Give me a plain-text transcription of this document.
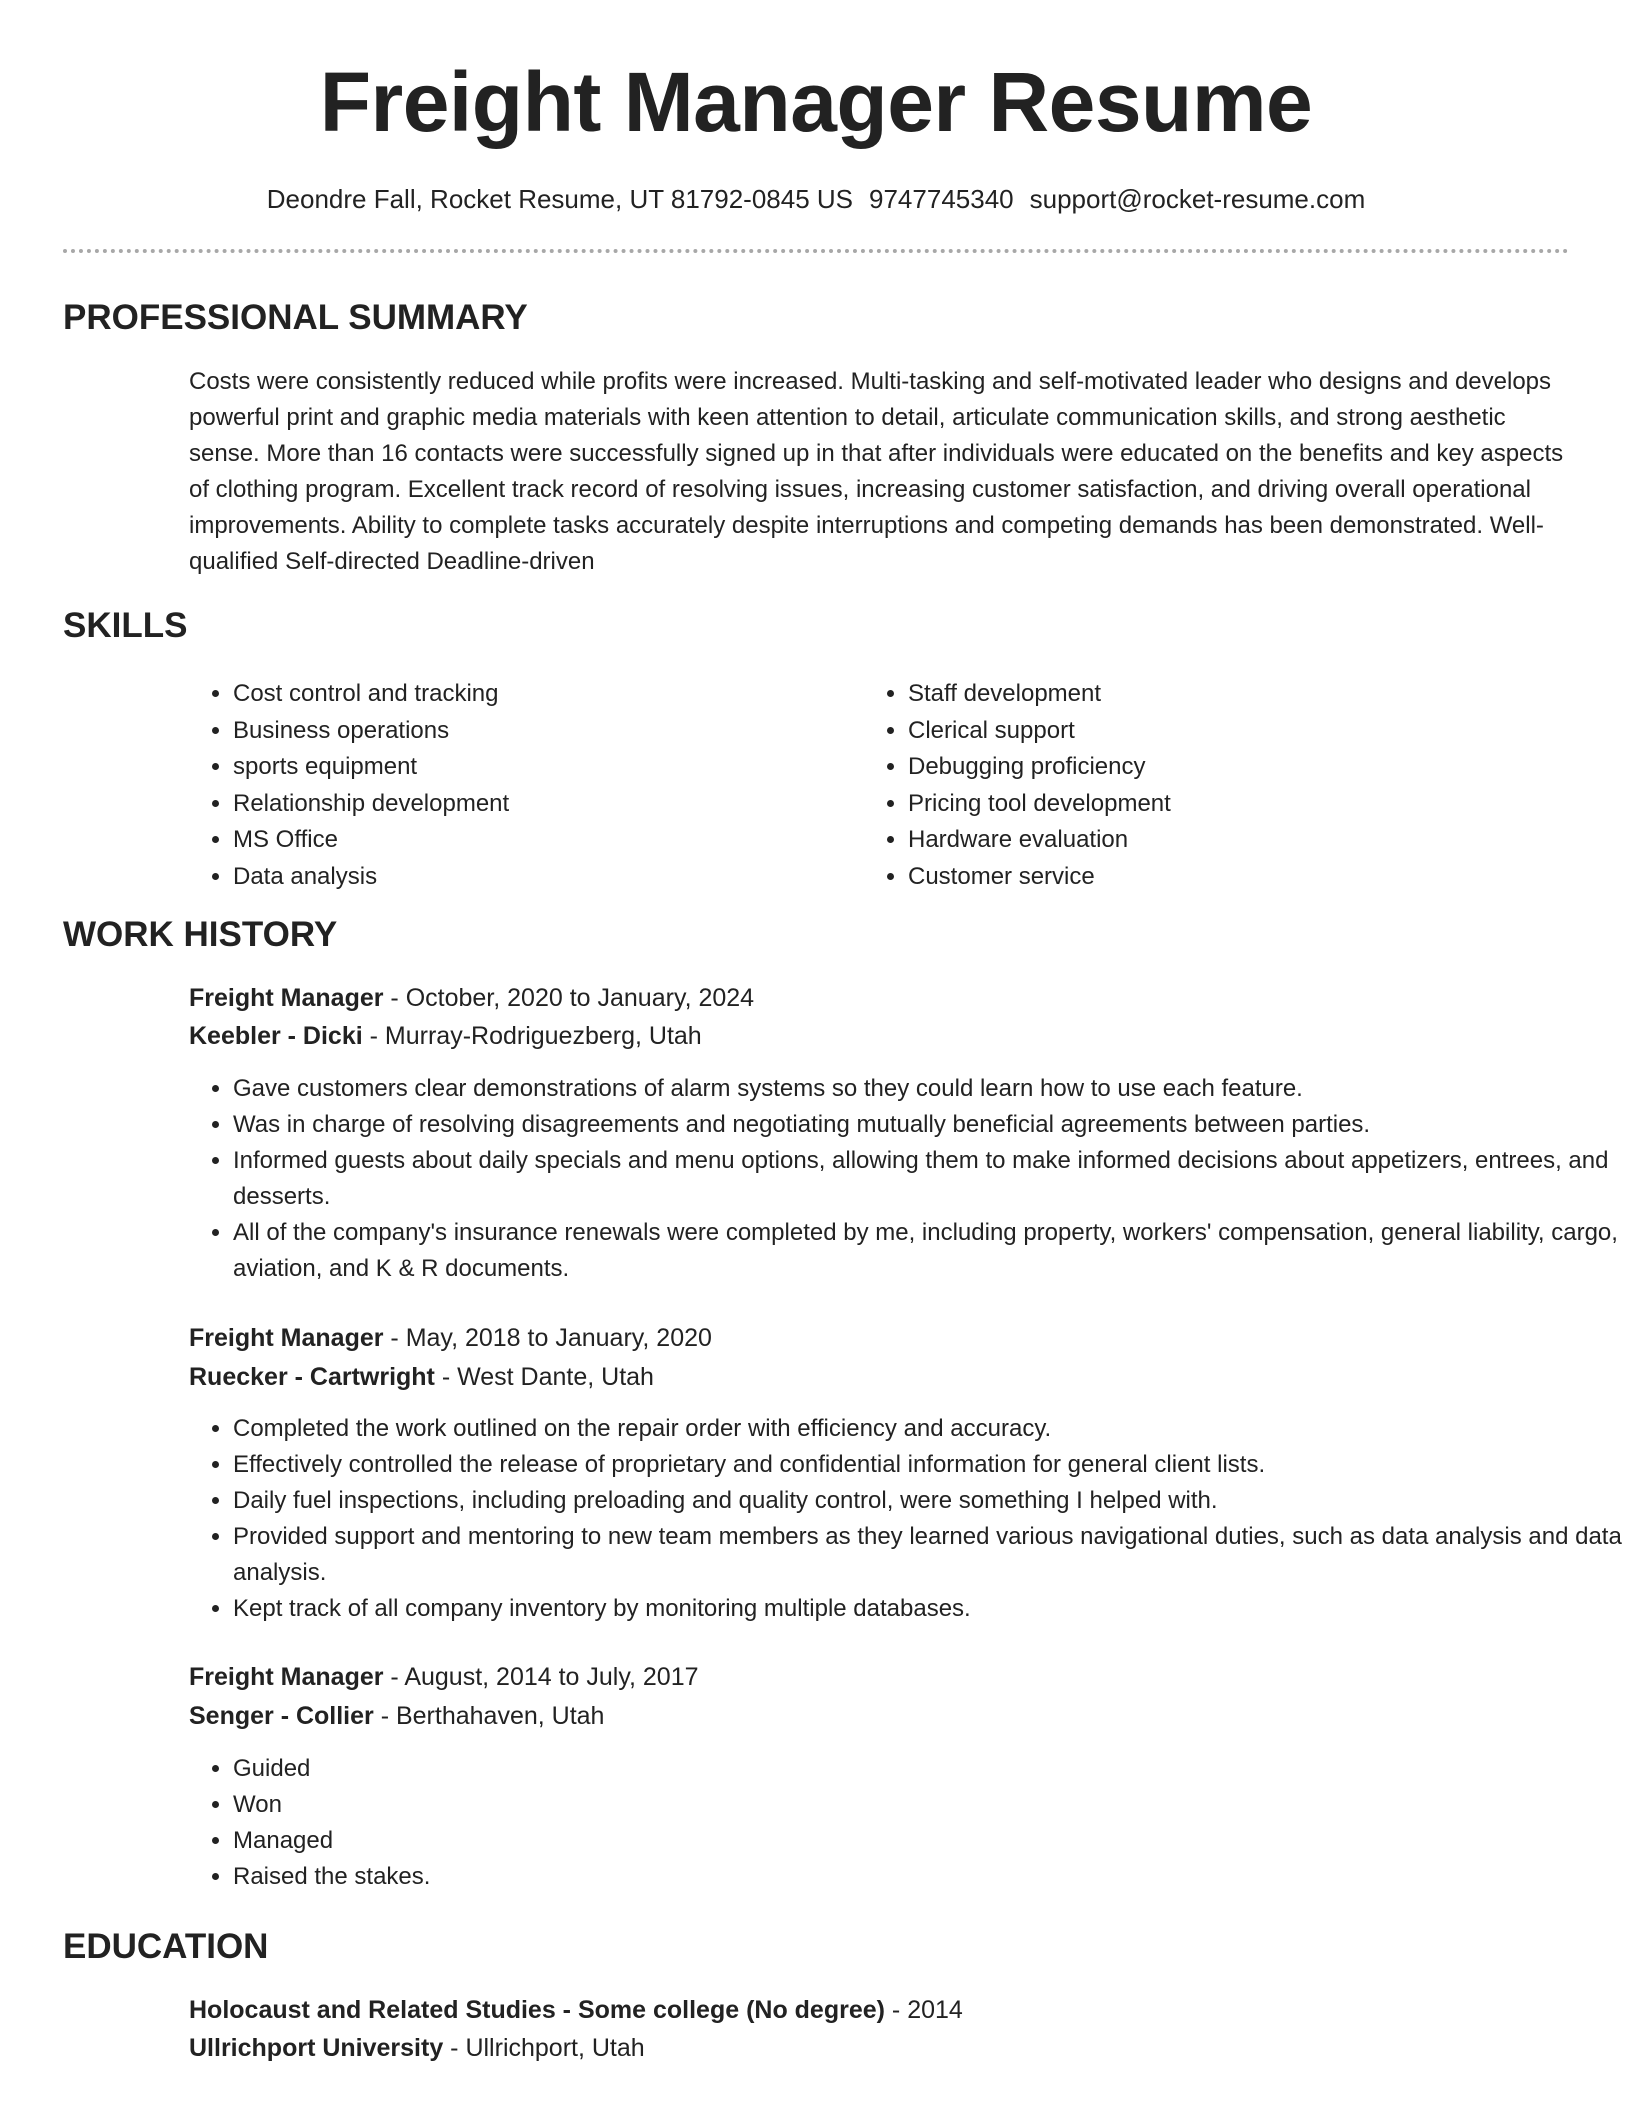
Freight Manager Resume
Deondre Fall, Rocket Resume, UT 81792-0845 US 9747745340 support@rocket-resume.com
PROFESSIONAL SUMMARY

Costs were consistently reduced while profits were increased. Multi-tasking and self-motivated leader who designs and develops powerful print and graphic media materials with keen attention to detail, articulate communication skills, and strong aesthetic sense. More than 16 contacts were successfully signed up in that after individuals were educated on the benefits and key aspects of clothing program. Excellent track record of resolving issues, increasing customer satisfaction, and driving overall operational improvements. Ability to complete tasks accurately despite interruptions and competing demands has been demonstrated. Well-qualified Self-directed Deadline-driven

SKILLS
• Cost control and tracking
• Business operations
• sports equipment
• Relationship development
• MS Office
• Data analysis
• Staff development
• Clerical support
• Debugging proficiency
• Pricing tool development
• Hardware evaluation
• Customer service
WORK HISTORY
Freight Manager - October, 2020 to January, 2024
Keebler - Dicki - Murray-Rodriguezberg, Utah
• Gave customers clear demonstrations of alarm systems so they could learn how to use each feature.
• Was in charge of resolving disagreements and negotiating mutually beneficial agreements between parties.
• Informed guests about daily specials and menu options, allowing them to make informed decisions about appetizers, entrees, and desserts.
• All of the company's insurance renewals were completed by me, including property, workers' compensation, general liability, cargo, aviation, and K & R documents.
Freight Manager - May, 2018 to January, 2020
Ruecker - Cartwright - West Dante, Utah
• Completed the work outlined on the repair order with efficiency and accuracy.
• Effectively controlled the release of proprietary and confidential information for general client lists.
• Daily fuel inspections, including preloading and quality control, were something I helped with.
• Provided support and mentoring to new team members as they learned various navigational duties, such as data analysis and data analysis.
• Kept track of all company inventory by monitoring multiple databases.
Freight Manager - August, 2014 to July, 2017
Senger - Collier - Berthahaven, Utah
• Guided
• Won
• Managed
• Raised the stakes.
EDUCATION
Holocaust and Related Studies - Some college (No degree) - 2014
Ullrichport University - Ullrichport, Utah
